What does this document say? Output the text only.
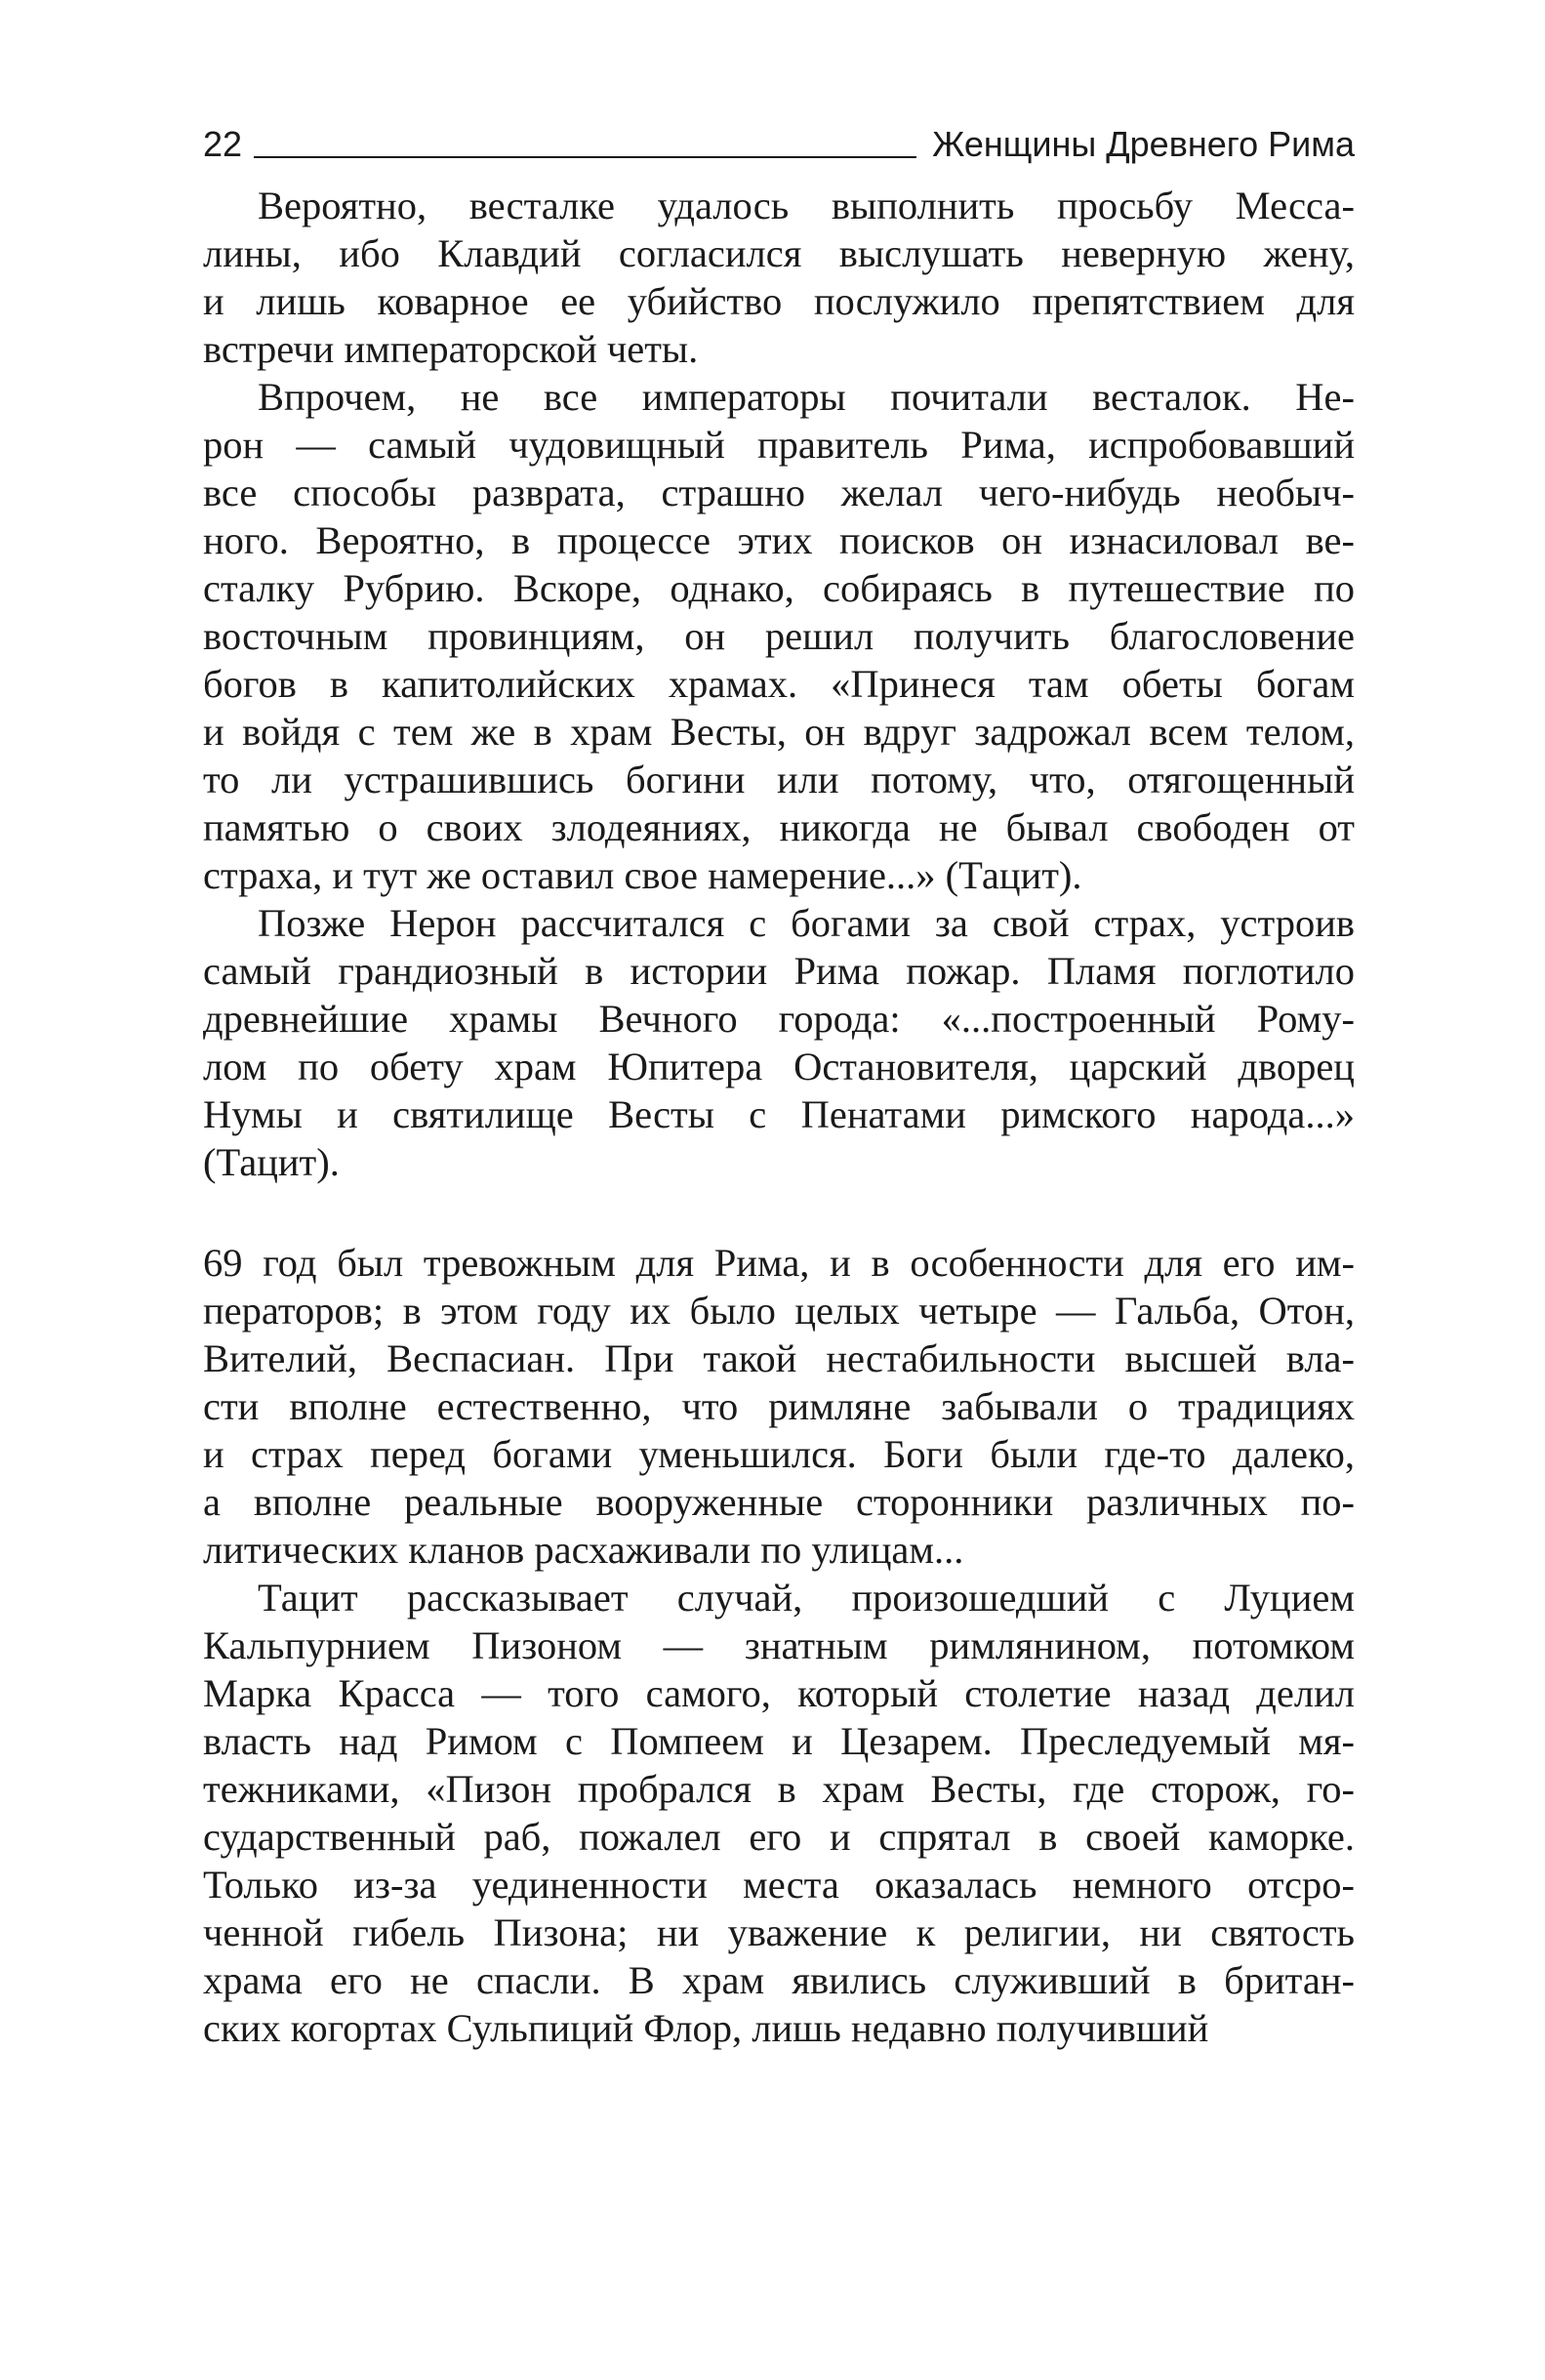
22	Женщины Древнего Рима
Вероятно, весталке удалось выполнить просьбу Месса-
лины, ибо Клавдий согласился выслушать неверную жену,
и лишь коварное ее убийство послужило препятствием для
встречи императорской четы.
Впрочем, не все императоры почитали весталок. Не-
рон — самый чудовищный правитель Рима, испробовавший
все способы разврата, страшно желал чего-нибудь необыч-
ного. Вероятно, в процессе этих поисков он изнасиловал ве-
сталку Рубрию. Вскоре, однако, собираясь в путешествие по
восточным провинциям, он решил получить благословение
богов в капитолийских храмах. «Принеся там обеты богам
и войдя с тем же в храм Весты, он вдруг задрожал всем телом,
то ли устрашившись богини или потому, что, отягощенный
памятью о своих злодеяниях, никогда не бывал свободен от
страха, и тут же оставил свое намерение...» (Тацит).
Позже Нерон рассчитался с богами за свой страх, устроив
самый грандиозный в истории Рима пожар. Пламя поглотило
древнейшие храмы Вечного города: «...построенный Рому-
лом по обету храм Юпитера Остановителя, царский дворец
Нумы и святилище Весты с Пенатами римского народа...»
(Тацит).
69 год был тревожным для Рима, и в особенности для его им-
ператоров; в этом году их было целых четыре — Гальба, Отон,
Вителий, Веспасиан. При такой нестабильности высшей вла-
сти вполне естественно, что римляне забывали о традициях
и страх перед богами уменьшился. Боги были где-то далеко,
а вполне реальные вооруженные сторонники различных по-
литических кланов расхаживали по улицам...
Тацит рассказывает случай, произошедший с Луцием
Кальпурнием Пизоном — знатным римлянином, потомком
Марка Красса — того самого, который столетие назад делил
власть над Римом с Помпеем и Цезарем. Преследуемый мя-
тежниками, «Пизон пробрался в храм Весты, где сторож, го-
сударственный раб, пожалел его и спрятал в своей каморке.
Только из-за уединенности места оказалась немного отсро-
ченной гибель Пизона; ни уважение к религии, ни святость
храма его не спасли. В храм явились служивший в британ-
ских когортах Сульпиций Флор, лишь недавно получивший
